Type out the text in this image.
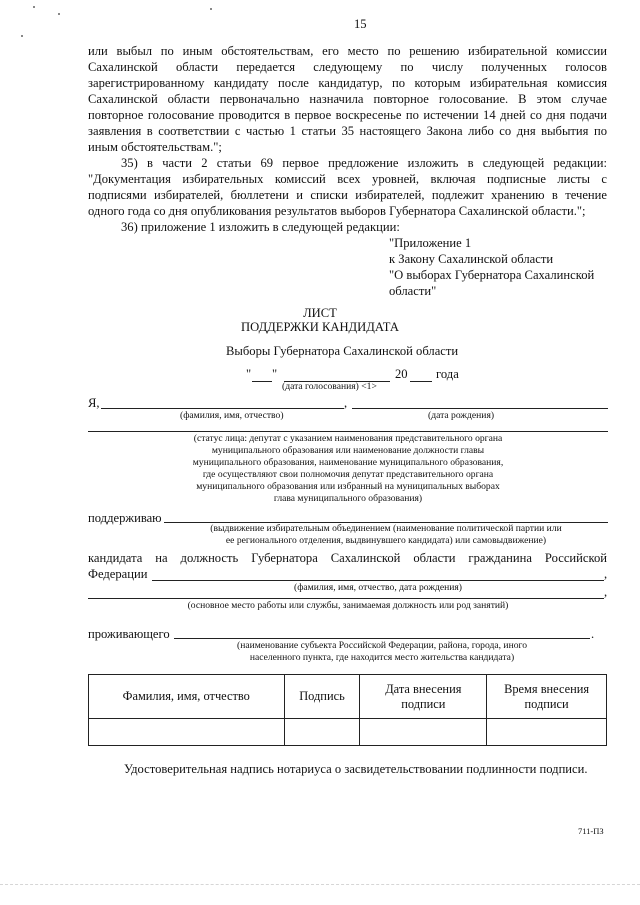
15
или выбыл по иным обстоятельствам, его место по решению избирательной комиссии
Сахалинской области передается следующему по числу полученных голосов
зарегистрированному кандидату после кандидатур, по которым избирательная комиссия
Сахалинской области первоначально назначила повторное голосование. В этом случае
повторное голосование проводится в первое воскресенье по истечении 14 дней со дня подачи
заявления в соответствии с частью 1 статьи 35 настоящего Закона либо со дня выбытия по
иным обстоятельствам.";
35) в части 2 статьи 69 первое предложение изложить в следующей редакции:
"Документация избирательных комиссий всех уровней, включая подписные листы с
подписями избирателей, бюллетени и списки избирателей, подлежит хранению в течение
одного года со дня опубликования результатов выборов Губернатора Сахалинской области.";
36) приложение 1 изложить в следующей редакции:
"Приложение 1
к Закону Сахалинской области
"О выборах Губернатора Сахалинской
области"
ЛИСТ
ПОДДЕРЖКИ КАНДИДАТА
Выборы Губернатора Сахалинской области
" "	20 года
(дата голосования) <1>
Я,	,
(фамилия, имя, отчество)	(дата рождения)
(статус лица: депутат с указанием наименования представительного органа
муниципального образования или наименование должности главы
муниципального образования, наименование муниципального образования,
где осуществляют свои полномочия депутат представительного органа
муниципального образования или избранный на муниципальных выборах
глава муниципального образования)
поддерживаю
(выдвижение избирательным объединением (наименование политической партии или
ее регионального отделения, выдвинувшего кандидата) или самовыдвижение)
кандидата на должность Губернатора Сахалинской области гражданина Российской
Федерации	,
(фамилия, имя, отчество, дата рождения)	,
(основное место работы или службы, занимаемая должность или род занятий)
проживающего	.
(наименование субъекта Российской Федерации, района, города, иного
населенного пункта, где находится место жительства кандидата)
Фамилия, имя, отчество	Подпись	Дата внесения подписи	Время внесения подписи

Удостоверительная надпись нотариуса о засвидетельствовании подлинности подписи.
711-ПЗ
